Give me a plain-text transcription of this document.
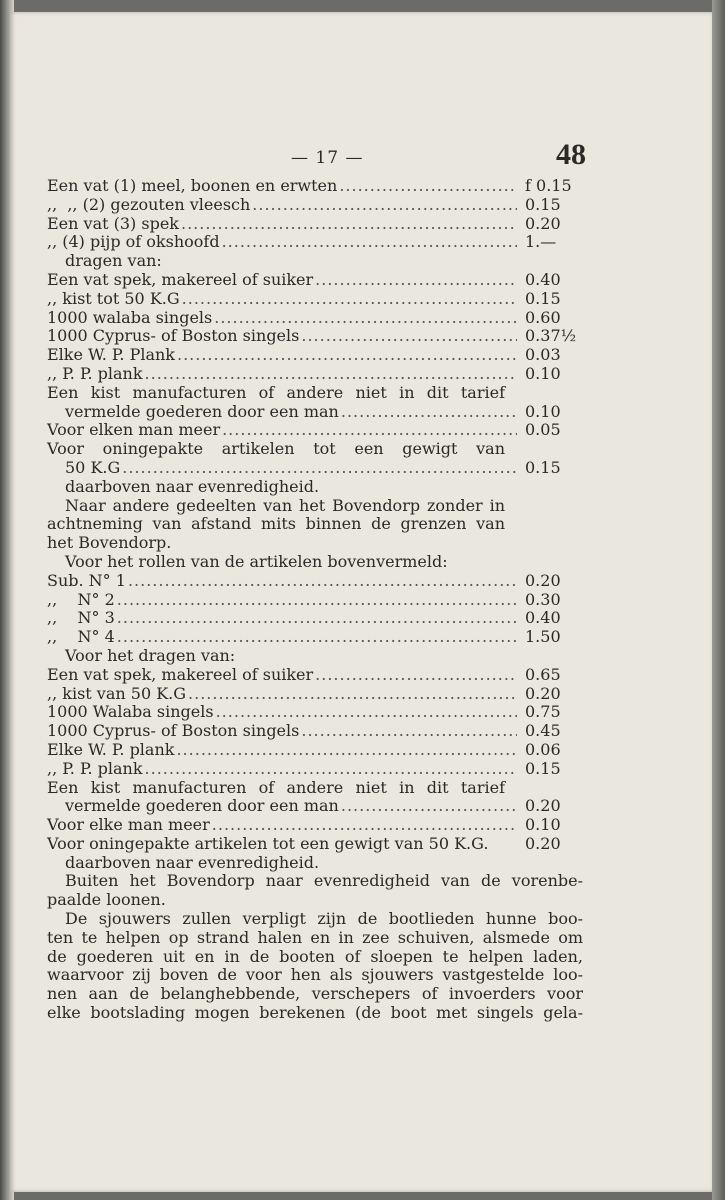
— 17 —	48
Een vat (1) meel, boonen en erwten .....	f 0.15
,,  ,, (2) gezouten vleesch .....	0.15
Een vat (3) spek .....	0.20
,, (4) pijp of okshoofd .....	1.—
dragen van:
Een vat spek, makereel of suiker .....	0.40
,, kist tot 50 K.G .....	0.15
1000 walaba singels .....	0.60
1000 Cyprus- of Boston singels .....	0.37½
Elke W. P. Plank .....	0.03
,, P. P. plank .....	0.10
Een kist manufacturen of andere niet in dit tarief
vermelde goederen door een man .....	0.10
Voor elken man meer .....	0.05
Voor oningepakte artikelen tot een gewigt van
50 K.G .....	0.15
daarboven naar evenredigheid.
Naar andere gedeelten van het Bovendorp zonder in
achtneming van afstand mits binnen de grenzen van
het Bovendorp.
Voor het rollen van de artikelen bovenvermeld:
Sub. N° 1 .....	0.20
,,    N° 2 .....	0.30
,,    N° 3 .....	0.40
,,    N° 4 .....	1.50
Voor het dragen van:
Een vat spek, makereel of suiker .....	0.65
,, kist van 50 K.G .....	0.20
1000 Walaba singels .....	0.75
1000 Cyprus- of Boston singels .....	0.45
Elke W. P. plank .....	0.06
,, P. P. plank .....	0.15
Een kist manufacturen of andere niet in dit tarief
vermelde goederen door een man .....	0.20
Voor elke man meer .....	0.10
Voor oningepakte artikelen tot een gewigt van 50 K.G.	0.20
daarboven naar evenredigheid.
Buiten het Bovendorp naar evenredigheid van de vorenbe-
paalde loonen.
De sjouwers zullen verpligt zijn de bootlieden hunne boo-
ten te helpen op strand halen en in zee schuiven, alsmede om
de goederen uit en in de booten of sloepen te helpen laden,
waarvoor zij boven de voor hen als sjouwers vastgestelde loo-
nen aan de belanghebbende, verschepers of invoerders voor
elke bootslading mogen berekenen (de boot met singels gela-
